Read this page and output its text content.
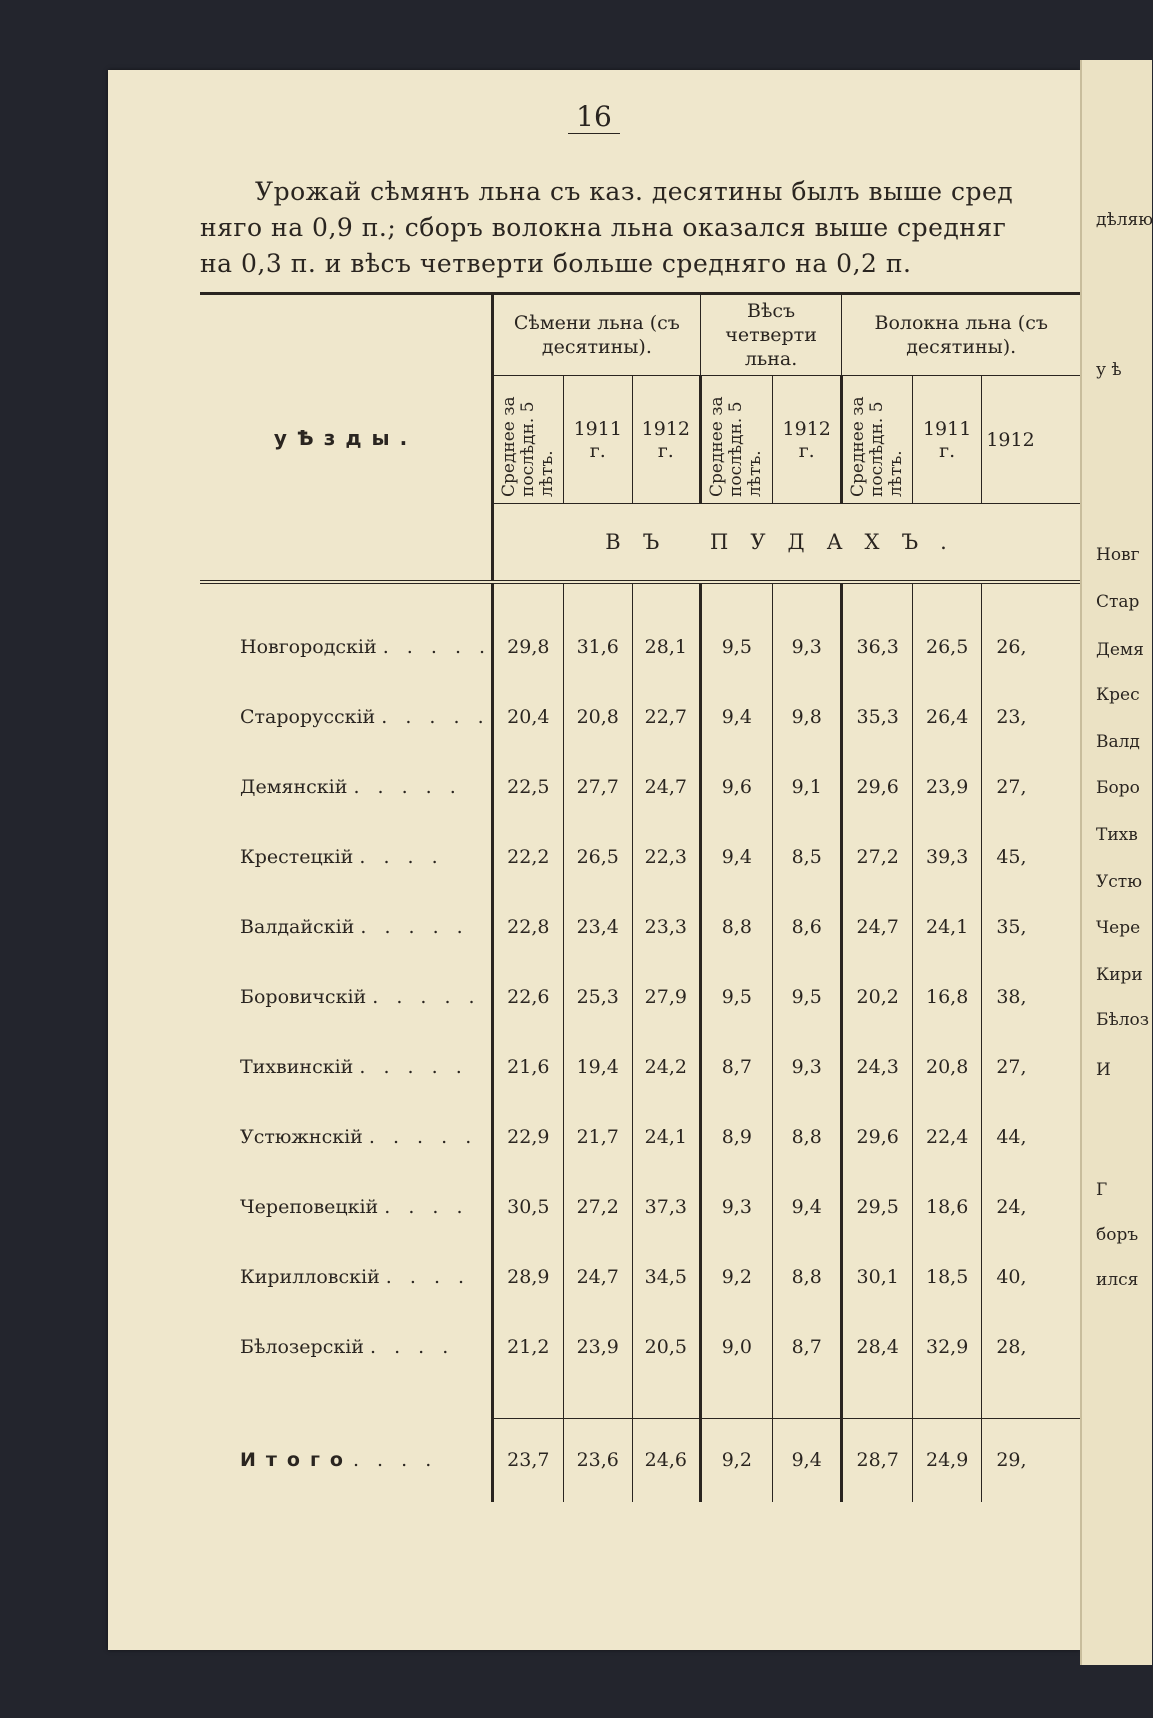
16
Урожай сѣмянъ льна съ каз. десятины былъ выше сред
няго на 0,9 п.; сборъ волокна льна оказался выше средняг
на 0,3 п. и вѣсъ четверти больше средняго на 0,2 п.
уѢзды.	Сѣмени льна (съ десятины).			Вѣсъ четверти льна.		Волокна льна (съ десятины).		
	Среднее за послѣдн. 5 лѣтъ.	1911 г.	1912 г.	Среднее за послѣдн. 5 лѣтъ.	1912 г.	Среднее за послѣдн. 5 лѣтъ.	1911 г.	1912
	ВЪ ПУДАХЪ.							

Новгородскій . . . . .	29,8	31,6	28,1	9,5	9,3	36,3	26,5	26,
Старорусскій . . . . .	20,4	20,8	22,7	9,4	9,8	35,3	26,4	23,
Демянскій . . . . .	22,5	27,7	24,7	9,6	9,1	29,6	23,9	27,
Крестецкій . . . .	22,2	26,5	22,3	9,4	8,5	27,2	39,3	45,
Валдайскій . . . . .	22,8	23,4	23,3	8,8	8,6	24,7	24,1	35,
Боровичскій . . . . .	22,6	25,3	27,9	9,5	9,5	20,2	16,8	38,
Тихвинскій . . . . .	21,6	19,4	24,2	8,7	9,3	24,3	20,8	27,
Устюжнскій . . . . .	22,9	21,7	24,1	8,9	8,8	29,6	22,4	44,
Череповецкій . . . .	30,5	27,2	37,3	9,3	9,4	29,5	18,6	24,
Кирилловскій . . . .	28,9	24,7	34,5	9,2	8,8	30,1	18,5	40,
Бѣлозерскій . . . .	21,2	23,9	20,5	9,0	8,7	28,4	32,9	28,

Итого. . . .	23,7	23,6	24,6	9,2	9,4	28,7	24,9	29,
дѣляю
у ѣ
Новг
Стар
Демя
Крес
Валд
Боро
Тихв
Устю
Чере
Кири
Бѣлоз
И
Г
боръ
ился
